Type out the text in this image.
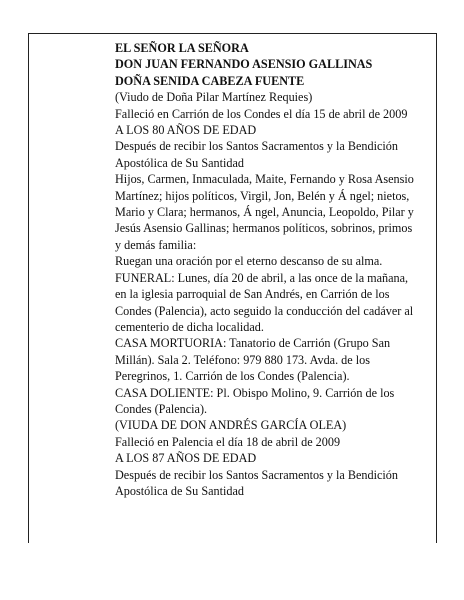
EL SEÑOR LA SEÑORA

DON JUAN FERNANDO ASENSIO GALLINAS

DOÑA SENIDA CABEZA FUENTE

(Viudo de Doña Pilar Martínez Requies)

Falleció en Carrión de los Condes el día 15 de abril de 2009

A LOS 80 AÑOS DE EDAD

Después de recibir los Santos Sacramentos y la Bendición Apostólica de Su Santidad

Hijos, Carmen, Inmaculada, Maite, Fernando y Rosa Asensio Martínez; hijos políticos, Virgil, Jon, Belén y Á ngel; nietos, Mario y Clara; hermanos, Á ngel, Anuncia, Leopoldo, Pilar y Jesús Asensio Gallinas; hermanos políticos, sobrinos, primos y demás familia:

Ruegan una oración por el eterno descanso de su alma.

FUNERAL: Lunes, día 20 de abril, a las once de la mañana, en la iglesia parroquial de San Andrés, en Carrión de los Condes (Palencia), acto seguido la conducción del cadáver al cementerio de dicha localidad.

CASA MORTUORIA: Tanatorio de Carrión (Grupo San Millán). Sala 2. Teléfono: 979 880 173. Avda. de los Peregrinos, 1. Carrión de los Condes (Palencia).

CASA DOLIENTE: Pl. Obispo Molino, 9. Carrión de los Condes (Palencia).

(VIUDA DE DON ANDRÉS GARCÍA OLEA)

Falleció en Palencia el día 18 de abril de 2009

A LOS 87 AÑOS DE EDAD

Después de recibir los Santos Sacramentos y la Bendición Apostólica de Su Santidad
